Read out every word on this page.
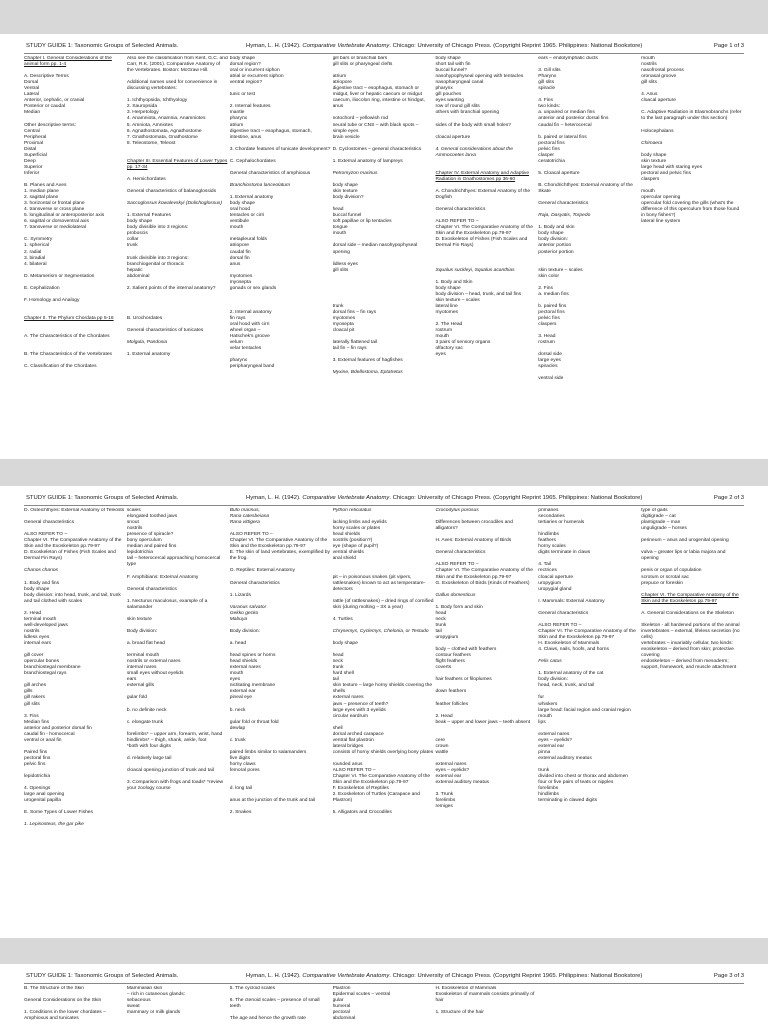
STUDY GUIDE 1: Taxonomic Groups of Selected Animals.	Hyman, L. H. (1942). Comparative Vertebrate Anatomy. Chicago: University of Chicago Press. (Copyright Reprint 1965. Philippines: National Bookstore)	Page 1 of 3
Chapter I. General Considerations of the animal form pp. 1-4
A. Descriptive Terms
Dorsal
Ventral
Lateral
Anterior, cephalic, or cranial
Posterior or caudal
Median
Other descriptive terms:
Central
Peripheral
Proximal
Distal
Superficial
Deep
Superior
Inferior
B. Planes and Axes
1. median plane
2. sagittal plane
3. horizontal or frontal plane
4. transverse or cross plane
5. longitudinal or anteroposterior axis
6. sagittal or dorsoventral axis
7. transverse or mediolateral
C. Symmetry
1. spherical
2. radial
3. biradial
4. bilateral
D. Metamerism or Segmentation
E. Cephalization
F. Homology and Analogy
Chapter II. The Phylum Chordata pp 5-16
A. The Characteristics of the Chordates
B. The Characteristics of the Vertebrates
C. Classification of the Chordates
Also see the classification from Kent, G.C. and Carr, R.K. (2001). Comparative Anatomy of the Vertebrates. Boston: McGraw Hill.
Additional names used for convenience in discussing vertebrates:
1. Ichthyopsida, Ichthyology
2. Sauropsida
3. Herpetology
4. Anamniota, Anamnia, Anamniotes
5. Amniota, Amniotes
6. Agnathostomata, Agnathostome
7. Gnathostomata, Gnathostome
8. Teleostome, Teleost
Chapter III. Essential Features of Lower Types pp. 17-34
A. Hemichordates
General characteristics of balanoglossids
Saccoglossus kowalevskyi (Dolichoglossus)
1. External Features
body shape
body divisible into 3 regions:
proboscis
collar
trunk
trunk divisible into 3 regions:
branchiogenital or thoracic
hepatic
abdominal
2. Salient points of the internal anatomy?
B. Urochordates
General characteristics of tunicates
Molgula, Pandosia
1. External anatomy
body shape
dorsal region?
oral or incurrent siphon
atrial or excurrent siphon
ventral region?
tunic or test
2. Internal features
mantle
pharynx
atrium
digestive tract – esophagus, stomach, intestine, anus
3. Chordate features of tunicate development?
C. Cephalochordates
General characteristics of amphioxus
Branchiostoma lanceolatum
1. External anatomy
body shape
oral hood
tentacles or cirri
vestibule
mouth
metapleural folds
atriopore
caudal fin
dorsal fin
anus
myotomes
myosepta
gonads or sex glands
2. Internal anatomy
fin rays
oral hood with cirri
wheel organ –
Hatschek's groove
velum
velar tentacles
pharynx
peripharyngeal band
gill bars or branchial bars
gill slits or pharyngeal clefts
atrium
atriopore
digestive tract – esophagus, stomach or midgut, liver or hepatic caecum or midgut caecum, iliocolon ring, intestine or hindgut, anus
notochord – yellowish rod
neural tube or CNS – with black spots – simple eyes
brain vesicle
D. Cyclostomes – general characteristics
1. External anatomy of lampreys
Petromyzon marinus
body shape
skin texture
body division?
head
buccal funnel
soft papillae or lip tentacles
tongue
mouth
dorsal side – median nasohypophyseal opening
lidless eyes
gill slits
trunk
dorsal fins – fin rays
myotomes
myosepta
cloacal pit
laterally flattened tail
tail fin – fin rays
3. External features of hagfishes
Myxine, Bdellostoma, Eptatretus
body shape
short tail with fin
buccal funnel?
nasohypophyseal opening with tentacles
nasopharyngeal canal
pharynx
gill pouches
eyes wanting
row of round gill slits
others with branchial opening
sides of the body with small holes?
cloacal aperture
4. General considerations about the Ammocoetes larva
Chapter IV. External Anatomy and Adaptive Radiation in Gnathostomes pp 36-60
A. Chondrichthyes: External Anatomy of the Dogfish
General characteristics
ALSO REFER TO –
Chapter VI. The Comparative Anatomy of the Skin and the Exoskeleton pp.79-97
D. Exoskeleton of Fishes (Fish Scales and Dermal Fin Rays)
Squalus suckleyi, Squalus acanthias
1. Body and Skin
body shape
body division – head, trunk, and tail fins
skin texture – scales
lateral line
myotomes
2. The Head
rostrum
mouth
3 pairs of sensory organs
olfactory sac
eyes
ears – endolymphatic ducts
3. Gill slits
Pharynx
gill slits
spiracle
4. Fins
two kinds:
a. unpaired or median fins
anterior and posterior dorsal fins
caudal fin – heterocercal
b. paired or lateral fins
pectoral fins
pelvic fins
clasper
ceratotrichia
5. Cloacal aperture
B. Chondrichthyes: External Anatomy of the Skate
General characteristics
Raja, Dasyatis, Torpedo
1. Body and skin
body shape
body division:
anterior portion
posterior portion
skin texture – scales
skin color
2. Fins
a. median fins
b. paired fins
pectoral fins
pelvic fins
claspers
3. Head
rostrum
dorsal side
large eyes
spiracles
ventral side
mouth
nostrils
nasofrontal process
oronasal groove
gill slits
4. Anus
cloacal aperture
C. Adaptive Radiation in Elasmobranchs (refer to the last paragraph under this section)
Holocephalans
Chimaera
body shape
skin texture
large head with staring eyes
pectoral and pelvic fins
claspers
mouth
opercular opening
opercular fold covering the gills (what's the difference of this operculum from those found in bony fishes?)
lateral line system
STUDY GUIDE 1: Taxonomic Groups of Selected Animals.	Hyman, L. H. (1942). Comparative Vertebrate Anatomy. Chicago: University of Chicago Press. (Copyright Reprint 1965. Philippines: National Bookstore)	Page 2 of 3
D. Osteichthyes: External Anatomy of Teleosts
General characteristics
ALSO REFER TO –
Chapter VI. The Comparative Anatomy of the Skin and the Exoskeleton pp.79-97
D. Exoskeleton of Fishes (Fish Scales and Dermal Fin Rays)
Chanos chanos
1. Body and fins
body shape
body division: into head, trunk, and tail, trunk and tail clothed with scales
2. Head
terminal mouth
well-developed jaws
nostrils
lidless eyes
internal ears
gill cover
opercular bones
branchiostegal membrane
branchiostegal rays
gill arches
gills
gill rakers
gill slits
3. Fins
Median fins
anterior and posterior dorsal fin
caudal fin - homocercal
ventral or anal fin
Paired fins
pectoral fins
pelvic fins
lepidotrichia
4. Openings
large anal opening
urogenital papilla
E. Some Types of Lower Fishes
1. Lepisosteus, the gar pike
scales
elongated toothed jaws
snout
nostrils
presence of spiracle?
bony operculum
median and paired fins
lepidotrichia
tail – heterocercal approaching homocercal type
F. Amphibians: External Anatomy
General characteristics
1. Necturus maculosus, example of a salamander
skin texture
Body division:
a. broad flat head
terminal mouth
nostrils or external nares
internal nares
small eyes without eyelids
ears
external gills
gular fold
b. no definite neck
c. elongate trunk
forelimbs* – upper arm, forearm, wrist, hand
hindlimbs* – thigh, shank, ankle, foot
*both with four digits
d. relatively large tail
cloacal opening junction of trunk and tail
3. Comparison with frogs and toads* *review your zoology course
Bufo marinus,
Rana catesbeiana
Rana vittigera
ALSO REFER TO –
Chapter VI. The Comparative Anatomy of the Skin and the Exoskeleton pp.79-97
E. The skin of land vertebrates, exemplified by the frog.
G. Reptiles: External Anatomy
General characteristics
1. Lizards
Varanus salvator
Gekko gecko
Mabuya
Body division:
a. head
head spines or horns
head shields
external nares
mouth
eyes
nictitating membrane
external ear
pineal eye
b. neck
gular fold or throat fold
dewlap
c. trunk
paired limbs similar to salamanders
five digits
horny claws
femoral pores
d. long tail
anus at the junction of the trunk and tail
2. Snakes
Python reticulatus
lacking limbs and eyelids
horny scales or plates
head shields
nostrils (position?)
eye (shape of pupil?)
ventral shields
anal shield
pit – in poisonous snakes (pit vipers, rattlesnakes) known to act as temperature-detectors
rattle (of rattlesnakes) – dried rings of cornified skin (during molting – 3X a year)
4. Turtles
Chrysemys, Cyclemys, Chelonia, or Testudo
body shape
head
neck
trunk
hard shell
tail
skin texture – large horny shields covering the shells
external nares
jaws – presence of teeth?
large eyes with 3 eyelids
circular eardrum
shell
dorsal arched carapace
ventral flat plastron
lateral bridges
consists of horny shields overlying bony plates
rounded anus
ALSO REFER TO –
Chapter VI. The Comparative Anatomy of the Skin and the Exoskeleton pp.79-97
F. Exoskeleton of Reptiles
2. Exoskeleton of Turtles (Carapace and Plastron)
5. Alligators and Crocodiles
Crocodylus porosus
Differences between crocodiles and alligators?
H. Aves: External Anatomy of Birds
General characteristics
ALSO REFER TO –
Chapter VI. The Comparative Anatomy of the Skin and the Exoskeleton pp.79-97
G. Exoskeleton of Birds (Kinds of Feathers)
Gallus domesticus
1. Body form and skin
head
neck
trunk
tail
uropygium
body – clothed with feathers
contour feathers
flight feathers
coverts
hair feathers or filoplumes
down feathers
feather follicles
2. Head
beak – upper and lower jaws – teeth absent
cere
crown
wattle
external nares
eyes – eyelids?
external ear
external auditory meatus
3. Trunk
forelimbs
remiges
primaries
secondaries
tertiaries or humerals
hindlimbs
feathers
horny scales
digits terminate in claws
4. Tail
rectrices
cloacal aperture
uropygium
uropygial gland
I. Mammals: External Anatomy
General characteristics
ALSO REFER TO –
Chapter VI. The Comparative Anatomy of the Skin and the Exoskeleton pp.79-97
H. Exoskeleton of Mammals
4. Claws, nails, hoofs, and horns
Felis catus
1. External anatomy of the cat
body division:
head, neck, trunk, and tail
fur
whiskers
large head: facial region and cranial region
mouth
lips
external nares
eyes – eyelids?
external ear
pinna
external auditory meatus
trunk
divided into chest or thorax and abdomen
four or five pairs of teats or nipples
forelimbs
hindlimbs
terminating in clawed digits
type of gaits
digitigrade – cat
plantigrade – man
unguligrade – horses
perineum – anus and urogenital opening
vulva – greater lips or labia majora and opening
penis or organ of copulation
scrotum or scrotal sac
prepuce or foreskin
Chapter VI. The Comparative Anatomy of the Skin and the Exoskeleton pp.79-97
A. General Considerations on the Skeleton
Skeleton - all hardened portions of the animal
invertebrates – external, lifeless secretion (no cells)
vertebrates – invariably cellular, two kinds:
exoskeleton – derived from skin; protective covering
endoskeleton – derived from mesoderm; support, framework, and muscle attachment
STUDY GUIDE 1: Taxonomic Groups of Selected Animals.	Hyman, L. H. (1942). Comparative Vertebrate Anatomy. Chicago: University of Chicago Press. (Copyright Reprint 1965. Philippines: National Bookstore)	Page 3 of 3
B. The Structure of the Skin
General Considerations on the Skin
1. Conditions in the lower chordates – Amphioxus and tunicates
Mammalian skin
– rich in cutaneous glands:
sebaceous
sweat
mammary or milk glands
5. The cycloid scales
6. The ctenoid scales – presence of small teeth
The age and hence the growth rate
Plastron
Epidermal scutes – ventral
gular
humeral
pectoral
abdominal
H. Exoskeleton of Mammals
Exoskeleton of mammals consists primarily of hair
1. Structure of the hair
